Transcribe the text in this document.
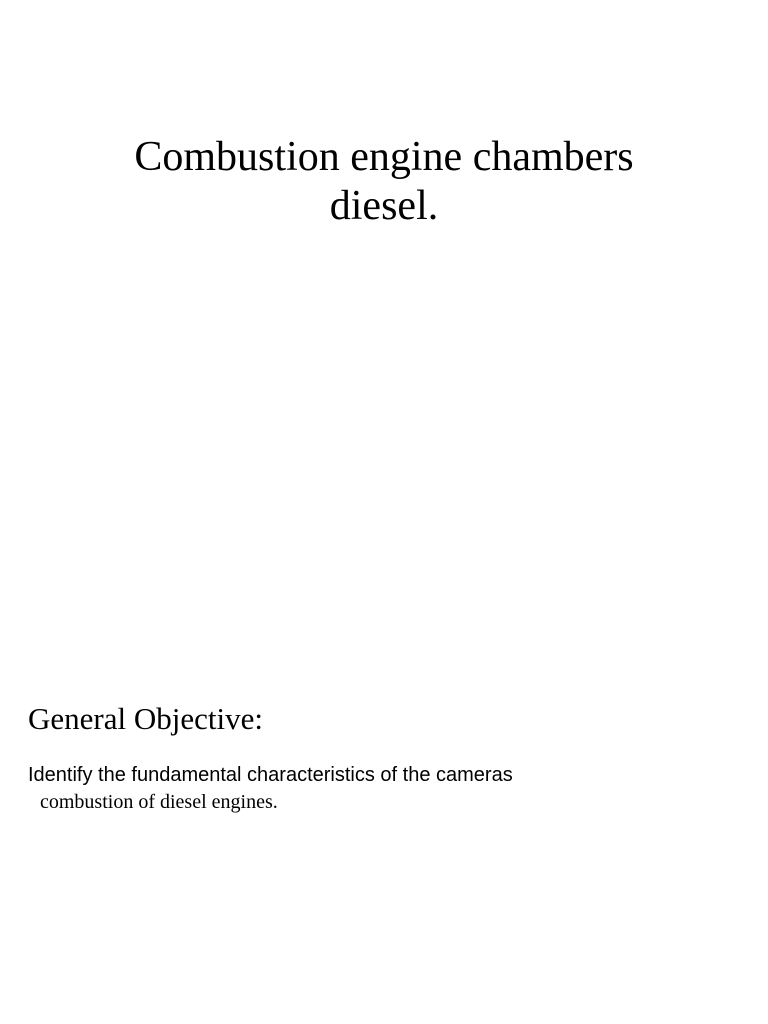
Combustion engine chambers
diesel.
General Objective:
Identify the fundamental characteristics of the cameras
combustion of diesel engines.
